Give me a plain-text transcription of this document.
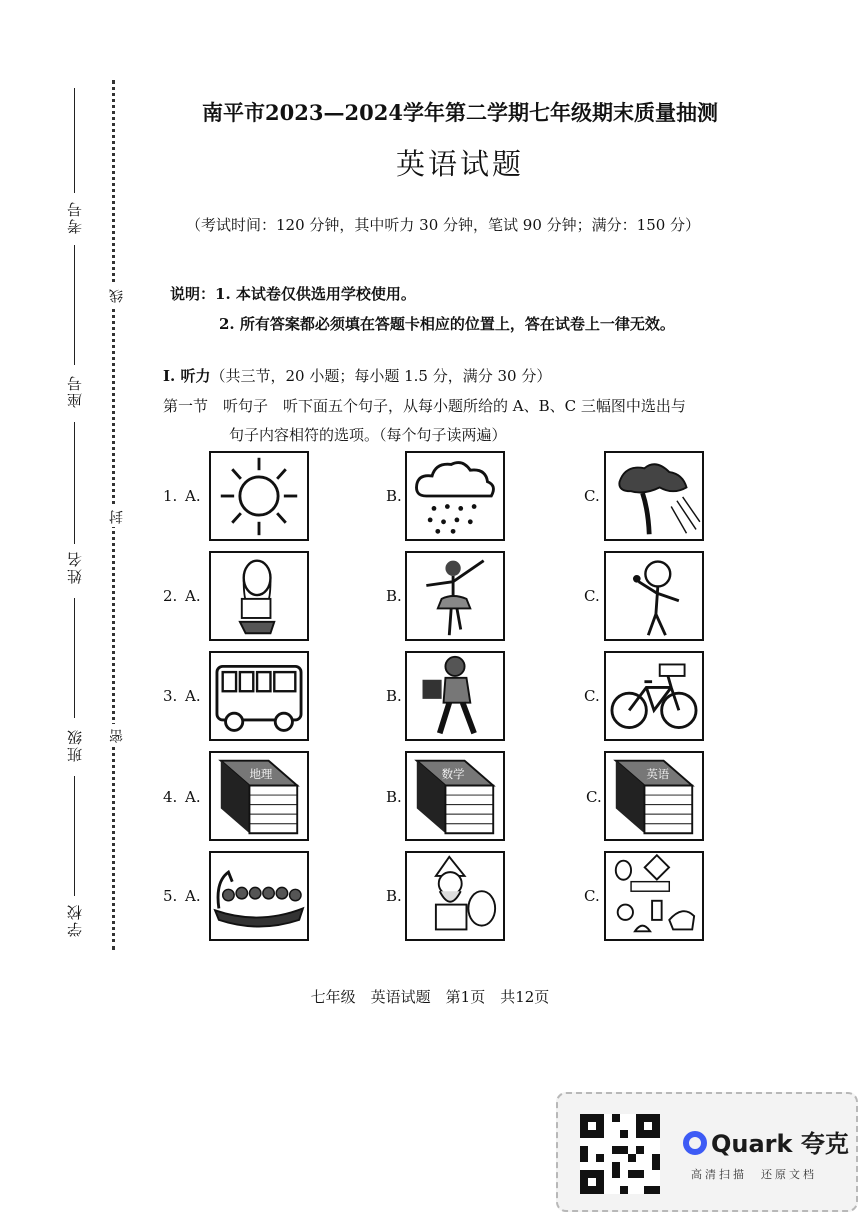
考号
座号
姓名
班级
学校
线
封
密
南平市2023—2024学年第二学期七年级期末质量抽测
英语试题
（考试时间：120 分钟，其中听力 30 分钟，笔试 90 分钟；满分：150 分）
说明：1. 本试卷仅供选用学校使用。
2. 所有答案都必须填在答题卡相应的位置上，答在试卷上一律无效。
I. 听力（共三节，20 小题；每小题 1.5 分，满分 30 分）
第一节　听句子　听下面五个句子，从每小题所给的 A、B、C 三幅图中选出与
句子内容相符的选项。（每个句子读两遍）
1. A.	B.	C.
2. A.	B.	C.
3. A.	B.	C.
4. A.
地理
B.
数学
C.
英语
5. A.	B.	C.
七年级　英语试题　第1页　共12页
Quark 夸克
高清扫描　还原文档
